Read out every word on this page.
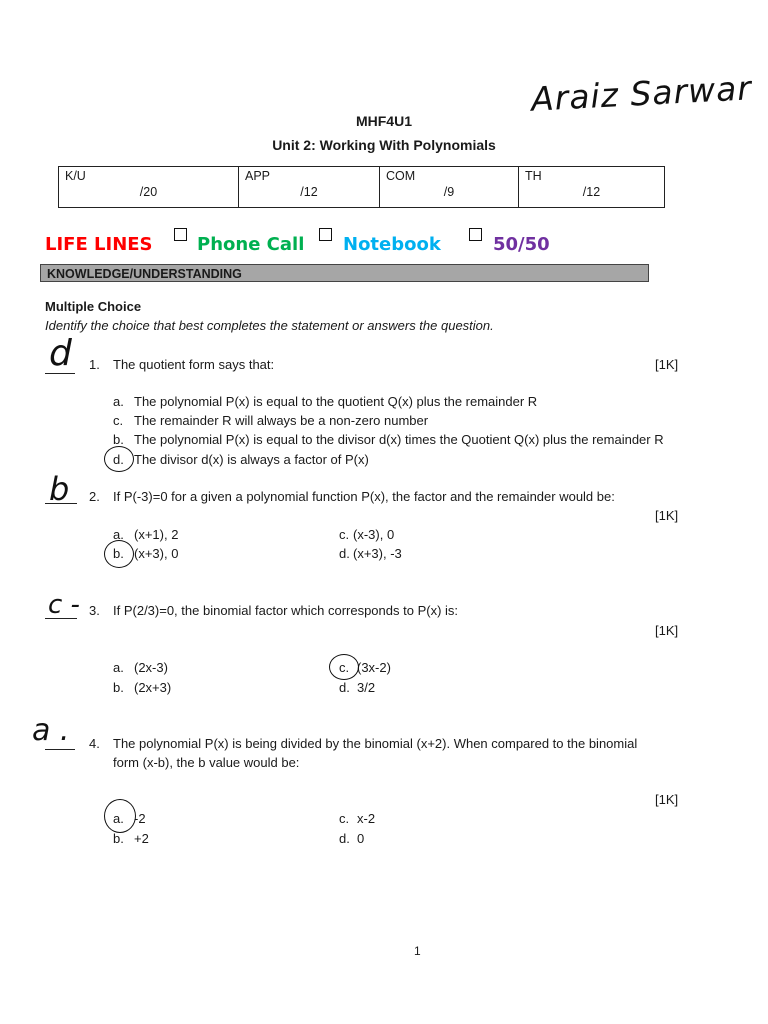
Araiz Sarwar
MHF4U1
Unit 2: Working With Polynomials
K/U
/20

APP
/12

COM
/9

TH
/12
LIFE LINES Phone Call Notebook	50/50
KNOWLEDGE/UNDERSTANDING
Multiple Choice
Identify the choice that best completes the statement or answers the question.
d 1. The quotient form says that:	[1K]
a. The polynomial P(x) is equal to the quotient Q(x) plus the remainder R
c. The remainder R will always be a non-zero number
b. The polynomial P(x) is equal to the divisor d(x) times the Quotient Q(x) plus the remainder R
d. The divisor d(x) is always a factor of P(x)
b 2. If P(-3)=0 for a given a polynomial function P(x), the factor and the remainder would be:
[1K]
a. (x+1), 2	c. (x-3), 0
b. (x+3), 0	d. (x+3), -3
c - 3. If P(2/3)=0, the binomial factor which corresponds to P(x) is:
[1K]
a. (2x-3)	c. (3x-2)
b. (2x+3)	d. 3/2
a . 4. The polynomial P(x) is being divided by the binomial (x+2). When compared to the binomial
form (x-b), the b value would be:
[1K]
a. -2	c. x-2
b. +2	d. 0
1
